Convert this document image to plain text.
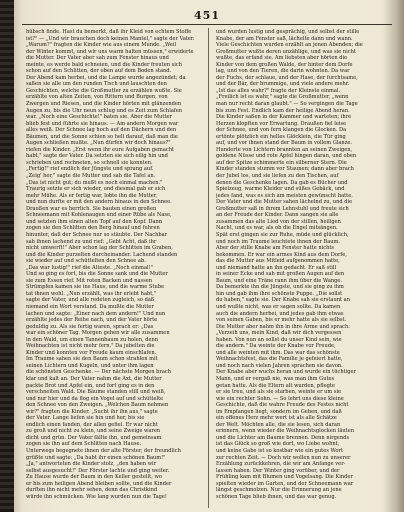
451
hübsch finde. Hast du bemerkt, daß ihr Kleid von echtem Stoffe
ist?" — „Und wir brauchen doch keinen Mantel," sagte der Vater.
„Warum?" fragten die Kinder wie aus einem Munde. „Weil
der Winter kommt, und wir uns warm halten müssen," erwiderte
die Mutter. Der Vater aber sah zum Fenster hinaus und
meinte, es werde bald schneien, und die Kinder freuten sich
schon auf den Schlitten, der oben auf dem Boden stand.
Der Abend kam herbei, und die Lampe wurde angezündet; da
saßen sie alle um den runden Tisch und lauschten den
Geschichten, welche die Großmutter zu erzählen wußte. Sie
erzählte von alten Zeiten, von Rittern und Burgen, von
Zwergen und Riesen, und die Kinder hörten mit glänzenden
Augen zu, bis die Uhr neun schlug und es Zeit zum Schlafen
war. „Noch eine Geschichte!" baten sie. Aber die Mutter
blieb fest und führte sie hinaus. — Am andern Morgen war
alles weiß. Der Schnee lag hoch auf den Dächern und den
Bäumen, und die Sonne schien so hell darauf, daß man die
Augen schließen mußte. „Nun dürfen wir doch hinaus?"
riefen die Kinder. „Erst wenn ihr eure Aufgaben gemacht
habt," sagte der Vater. Da setzten sie sich eilig hin und
schrieben und rechneten, so schnell sie konnten.
„Fertig!" rief endlich der Jüngste und sprang auf.
„Zeig' her," sagte die Mutter und sah die Tafel an.
„Das ist nicht gut; du mußt es noch einmal machen."
Traurig setzte er sich wieder, und diesmal gab er sich
mehr Mühe. Als er fertig war, lobte ihn die Mutter,
und nun durfte er mit den andern hinaus in den Schnee.
Draußen war es herrlich. Sie bauten einen großen
Schneemann mit Kohlenaugen und einer Rübe als Nase,
und setzten ihm einen alten Topf auf den Kopf. Dann
zogen sie den Schlitten den Berg hinauf und fuhren
hinunter, daß der Schnee nur so stäubte. Der Nachbar
sah ihnen lachend zu und rief: „Gebt Acht, daß ihr
nicht umwerft!" Aber schon lag der Schlitten im Graben,
und die Kinder purzelten durcheinander. Lachend standen
sie wieder auf und schüttelten den Schnee ab.
„Das war lustig!" rief die Älteste. „Noch einmal!"
Und so ging es fort, bis die Sonne sank und die Mutter
sie zum Essen rief. Mit roten Backen und nassen
Strümpfen kamen sie ins Haus, und die warme Stube
tat ihnen wohl. „Nun erzählt, was ihr erlebt habt,"
sagte der Vater, und alle redeten zugleich, so daß
niemand ein Wort verstand. Da mußte die Mutter
lachen und sagte: „Einer nach dem andern!" Und nun
erzählte jedes der Reihe nach, und der Vater hörte
geduldig zu. Als sie fertig waren, sprach er: „Das
war ein schöner Tag. Morgen gehen wir alle zusammen
in den Wald, um einen Tannenbaum zu holen, denn
Weihnachten ist nicht mehr fern." Da jubelten die
Kinder und konnten vor Freude kaum einschlafen.
Im Traume sahen sie den Baum schon strahlen mit
seinen Lichtern und Kugeln, und unter ihm lagen
die schönsten Geschenke. — Der nächste Morgen brach
klar und kalt an. Der Vater nahm die Axt, die Mutter
packte Brot und Äpfel ein, und fort ging es in den
verschneiten Wald. Die Bäume standen still und weiß,
und nur hier und da flog ein Vogel auf und schüttelte
den Schnee von den Zweigen. „Welchen Baum nehmen
wir?" fragten die Kinder. „Sucht ihr ihn aus," sagte
der Vater. Lange liefen sie hin und her, bis sie
endlich einen fanden, der allen gefiel. Er war nicht
zu groß und nicht zu klein, und seine Zweige waren
dicht und grün. Der Vater fällte ihn, und gemeinsam
zogen sie ihn auf dem Schlitten nach Hause.
Unterwegs begegnete ihnen der alte Förster, der freundlich
grüßte und sagte: „Da habt ihr einen schönen Baum!"
„Ja," antworteten die Kinder stolz, „den haben wir
selbst ausgesucht!" Der Förster lachte und ging weiter.
Zu Hause wurde der Baum in den Keller gestellt, wo
er bis zum heiligen Abend bleiben sollte, und die Kinder
durften ihn nicht mehr sehen, denn das Christkind
würde ihn schmücken. Wie lang wurden nun die Tage!
und wurden lustig und gesprächig, und selbst der stille
Knabe, der am Fenster saß, lächelte dann und wann.
Viele Geschichten wurden erzählt an jenen Abenden; die
Großmutter wußte deren unzählige, und was sie nicht
wußte, das erfand sie. Am liebsten aber hörten die
Kinder von dem großen Walde, der hinter dem Dorfe
lag, und von den Tieren, die darin wohnten. Da war
der Fuchs, der schlaue, und der Hase, der furchtsame,
und der Bär, der brummige, und viele andere mehr.
„Ist das alles wahr?" fragte der Kleinste einmal.
„Freilich ist es wahr," sagte die Großmutter, „wenn
man nur recht daran glaubt." — So vergingen die Tage
bis zum Fest. Endlich kam der heilige Abend heran.
Die Kinder saßen in der Kammer und warteten; ihre
Herzen klopften vor Erwartung. Draußen fiel leise
der Schnee, und von fern klangen die Glocken. Da
ertönte plötzlich ein helles Glöcklein, die Tür ging
auf, und vor ihnen stand der Baum in vollem Glanze.
Hunderte von Lichtern brannten an seinen Zweigen,
goldene Nüsse und rote Äpfel hingen daran, und oben
auf der Spitze schimmerte ein silberner Stern. Die
Kinder standen stumm vor Staunen; dann aber brach
der Jubel los, und sie liefen zu den Tischen, auf
denen die Geschenke lagen. Da gab es Bücher und
Spielzeug, warme Kleider und süßes Gebäck, und
jedes fand, was es sich am meisten gewünscht hatte.
Der Vater und die Mutter sahen lächelnd zu, und die
Großmutter saß in ihrem Lehnstuhl und freute sich
an der Freude der Kinder. Dann sangen sie alle
zusammen das alte Lied von der stillen, heiligen
Nacht, und es war, als ob die Engel mitsängen.
Spät erst gingen sie zur Ruhe, müde und glücklich,
und noch im Traume leuchtete ihnen der Baum.
Aber der stille Knabe am Fenster hatte nichts
bekommen. Er war ein armes Kind aus dem Dorfe,
das die Mutter aus Mitleid aufgenommen hatte,
und niemand hatte an ihn gedacht. Er saß still
in seiner Ecke und sah mit großen Augen auf den
Baum, und eine Träne rann ihm über die Wange.
Da bemerkte ihn die Jüngste, und sie ging zu ihm
hin und gab ihm ihre schönste Puppe. „Die sollst
du haben," sagte sie. Der Knabe sah sie erstaunt an
und wußte nicht, was er sagen sollte. Da kamen
auch die andern herbei, und jedes gab ihm etwas
von seinen Gaben, bis er mehr hatte als sie selbst.
Die Mutter aber nahm ihn in ihre Arme und sprach:
„Verzeih uns, mein Kind, daß wir dich vergessen
haben. Von nun an sollst du unser Kind sein, wie
die andern." Da weinte der Knabe vor Freude,
und alle weinten mit ihm. Das war das schönste
Weihnachtsfest, das die Familie je gefeiert hatte,
und noch nach vielen Jahren sprachen sie davon.
Der Knabe aber wuchs heran und wurde ein tüchtiger
Mann, und er vergaß nie, was man ihm Gutes
getan hatte. Als die Eltern alt wurden, pflegte
er sie treu, und als sie starben, weinte er um sie
wie ein rechter Sohn. — So lehrt uns diese kleine
Geschichte, daß die wahre Freude des Festes nicht
im Empfangen liegt, sondern im Geben, und daß
ein offenes Herz mehr wert ist als alle Schätze
der Welt. Möchten alle, die sie lesen, sich daran
erinnern, wenn wieder die Weihnachtsglocken läuten
und die Lichter am Baume brennen. Denn nirgends
ist das Glück so groß wie dort, wo Liebe wohnt,
und keine Gabe ist so kostbar wie ein gutes Wort
zur rechten Zeit. — Doch wir wollen nun zu unserer
Erzählung zurückkehren, die wir am Anfange ver-
lassen haben. Der Winter ging vorüber, und der
Frühling kam mit Blumen und Vogelsang. Die Kinder
spielten wieder im Garten, und der Schneemann war
längst geschmolzen. Nur die Erinnerung an jene
schönen Tage blieb ihnen, und das war genug.
